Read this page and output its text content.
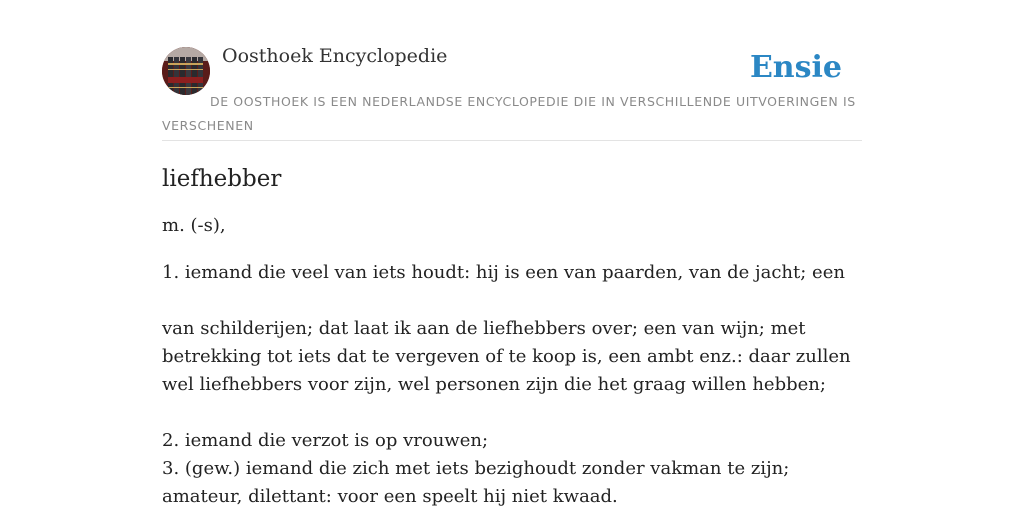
Oosthoek Encyclopedie	Ensie
DE OOSTHOEK IS EEN NEDERLANDSE ENCYCLOPEDIE DIE IN VERSCHILLENDE UITVOERINGEN IS VERSCHENEN
liefhebber

m. (-s),

1. iemand die veel van iets houdt: hij is een van paarden, van de jacht; een

van schilderijen; dat laat ik aan de liefhebbers over; een van wijn; met betrekking tot iets dat te vergeven of te koop is, een ambt enz.: daar zullen wel liefhebbers voor zijn, wel personen zijn die het graag willen hebben;

2. iemand die verzot is op vrouwen;

3. (gew.) iemand die zich met iets bezighoudt zonder vakman te zijn; amateur, dilettant: voor een speelt hij niet kwaad.
